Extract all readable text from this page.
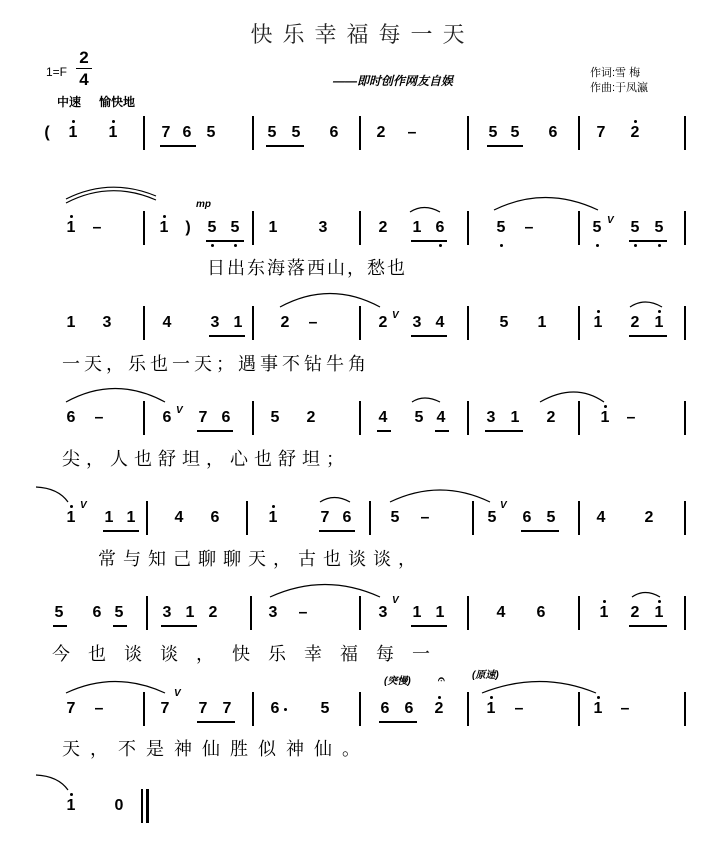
快乐幸福每一天
1=F
2
4
中速 愉快地
——即时创作网友自娱
作词:雪 梅
作曲:于凤瀛
( 1 1	7 6 5	5 5 6 2 –	5 5 6 7 2
1 –	1 )
mp
5 5 1	3	2 1 6	5 –	5 V 5 5
日出东海落西山，愁也
1 3	4 3 1 2 –	2 V 3 4	5 1	1 2 1
一天，乐也一天；遇事不钻牛角
6 –	6 V 7 6	5 2	4 5 4	3 1 2	1 –
尖，人也舒坦，心也舒坦；
1
V
1 1 4 6	1	7 6 5 –	5
V
6 5	4 2
常与知己聊聊天，古也谈谈，
5 6 5 3 1 2	3 –	3
V
1 1	4 6	1 2 1
今也谈谈，快乐幸福每一
(突慢) 𝄐	(原速)
7 –	7
V
7 7 6	5	6 6 2	1 –	1 –
天，不是神仙胜似神仙。
1 0
